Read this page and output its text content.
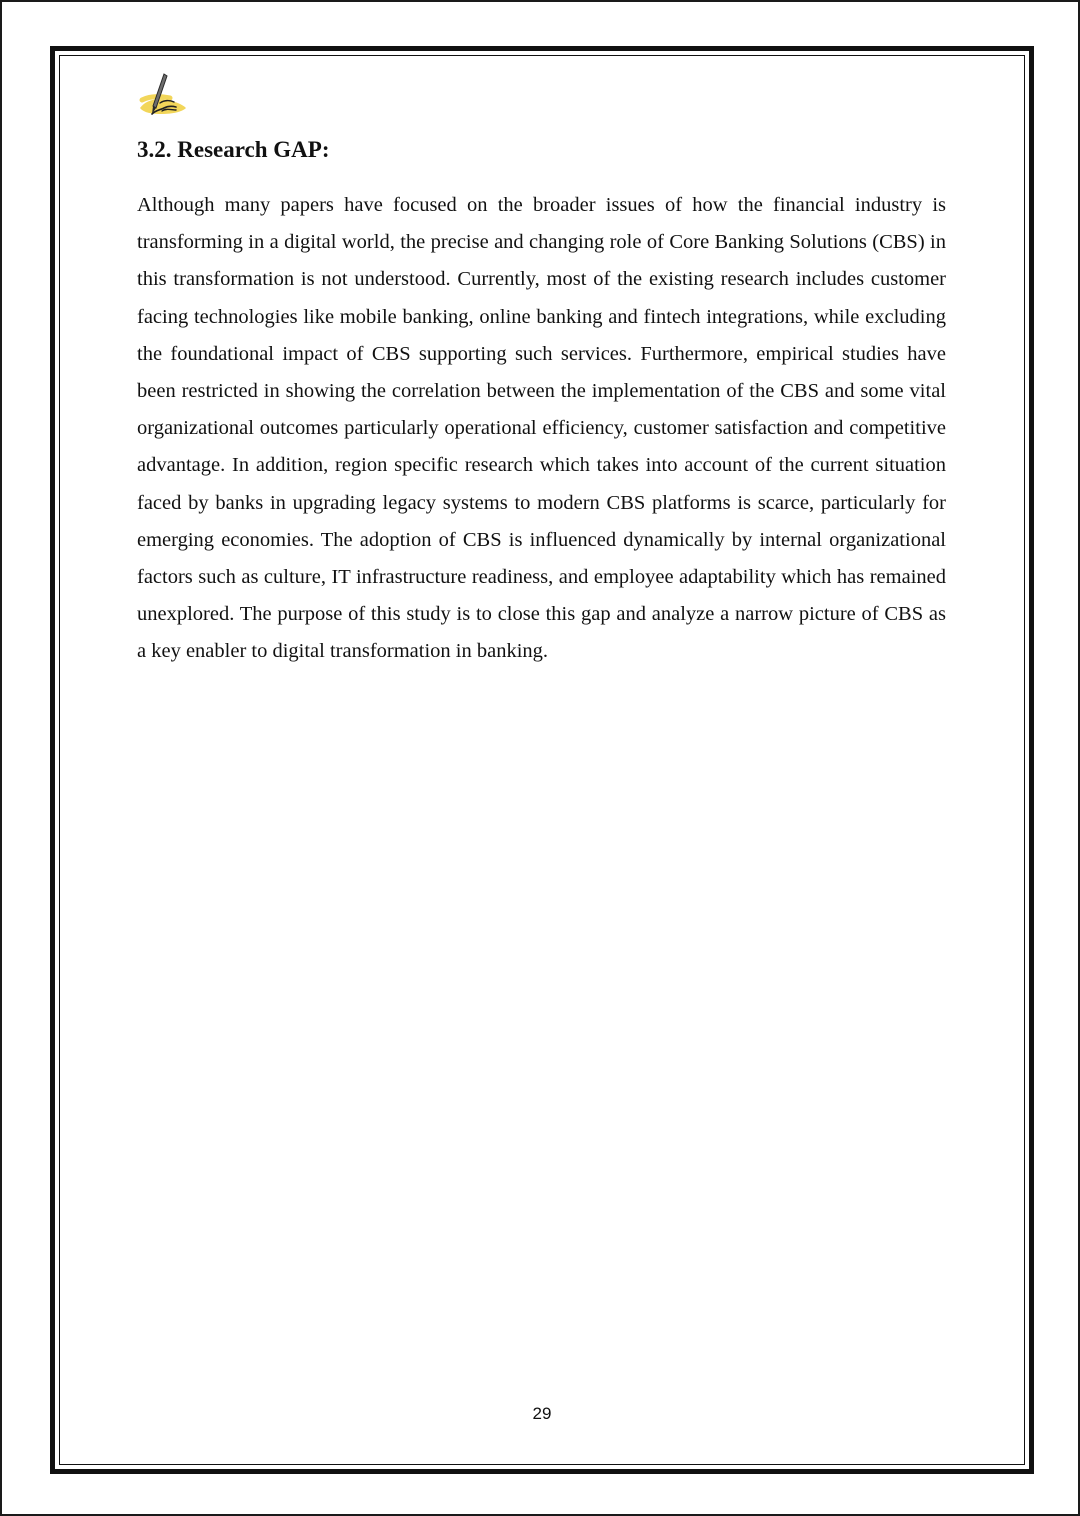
3.2. Research GAP:

Although many papers have focused on the broader issues of how the financial industry is transforming in a digital world, the precise and changing role of Core Banking Solutions (CBS) in this transformation is not understood. Currently, most of the existing research includes customer facing technologies like mobile banking, online banking and fintech integrations, while excluding the foundational impact of CBS supporting such services. Furthermore, empirical studies have been restricted in showing the correlation between the implementation of the CBS and some vital organizational outcomes particularly operational efficiency, customer satisfaction and competitive advantage. In addition, region specific research which takes into account of the current situation faced by banks in upgrading legacy systems to modern CBS platforms is scarce, particularly for emerging economies. The adoption of CBS is influenced dynamically by internal organizational factors such as culture, IT infrastructure readiness, and employee adaptability which has remained unexplored. The purpose of this study is to close this gap and analyze a narrow picture of CBS as a key enabler to digital transformation in banking.

29
